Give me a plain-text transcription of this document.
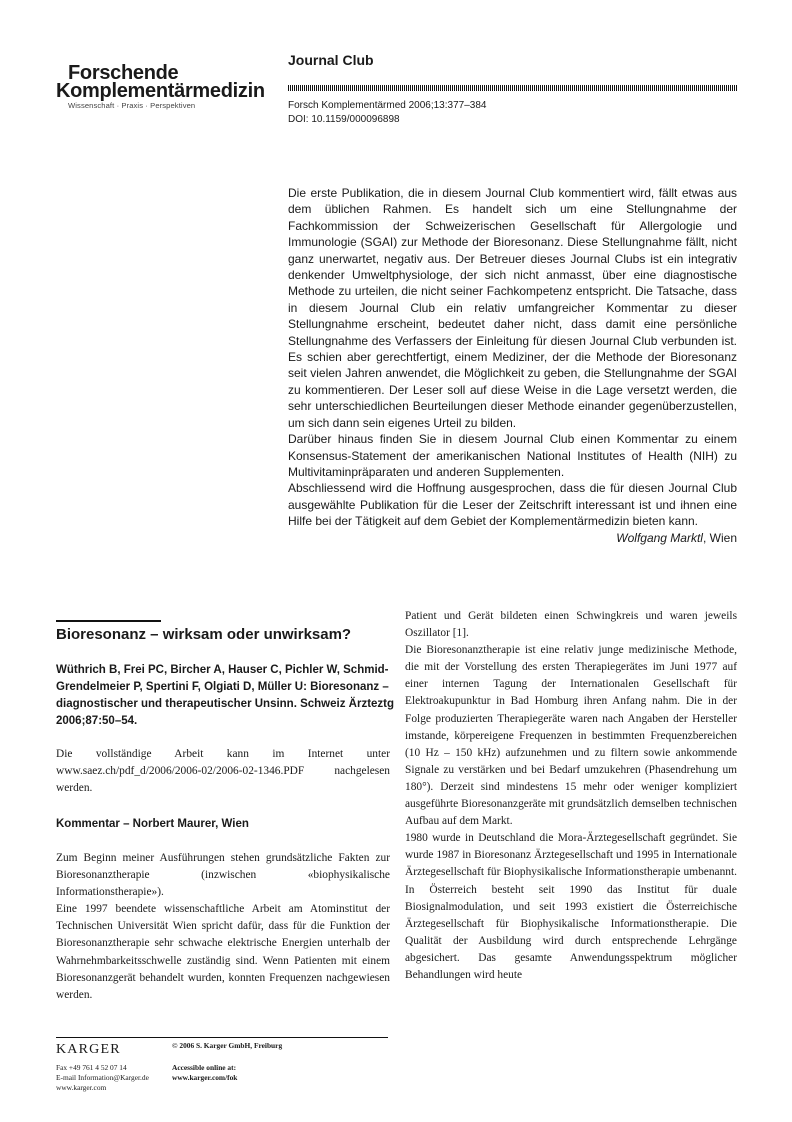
Forschende
Komplementärmedizin
Wissenschaft · Praxis · Perspektiven
Journal Club
Forsch Komplementärmed 2006;13:377–384
DOI: 10.1159/000096898

Die erste Publikation, die in diesem Journal Club kommentiert wird, fällt etwas aus dem üblichen Rahmen. Es handelt sich um eine Stellungnahme der Fachkommission der Schweizerischen Gesellschaft für Allergologie und Immunologie (SGAI) zur Methode der Bioresonanz. Diese Stellungnahme fällt, nicht ganz unerwartet, negativ aus. Der Betreuer dieses Journal Clubs ist ein integrativ denkender Umweltphysiologe, der sich nicht anmasst, über eine diagnostische Methode zu urteilen, die nicht seiner Fachkompetenz entspricht. Die Tatsache, dass in diesem Journal Club ein relativ umfangreicher Kommentar zu dieser Stellungnahme erscheint, bedeutet daher nicht, dass damit eine persönliche Stellungnahme des Verfassers der Einleitung für diesen Journal Club verbunden ist. Es schien aber gerechtfertigt, einem Mediziner, der die Methode der Bioresonanz seit vielen Jahren anwendet, die Möglichkeit zu geben, die Stellungnahme der SGAI zu kommentieren. Der Leser soll auf diese Weise in die Lage versetzt werden, die sehr unterschiedlichen Beurteilungen dieser Methode einander gegenüberzustellen, um sich dann sein eigenes Urteil zu bilden.

Darüber hinaus finden Sie in diesem Journal Club einen Kommentar zu einem Konsensus-Statement der amerikanischen National Institutes of Health (NIH) zu Multivitaminpräparaten und anderen Supplementen.

Abschliessend wird die Hoffnung ausgesprochen, dass die für diesen Journal Club ausgewählte Publikation für die Leser der Zeitschrift interessant ist und ihnen eine Hilfe bei der Tätigkeit auf dem Gebiet der Komplementärmedizin bieten kann.

Wolfgang Marktl, Wien

Bioresonanz – wirksam oder unwirksam?
Wüthrich B, Frei PC, Bircher A, Hauser C, Pichler W, Schmid-Grendelmeier P, Spertini F, Olgiati D, Müller U: Bioresonanz – diagnostischer und therapeutischer Unsinn. Schweiz Ärzteztg 2006;87:50–54.
Die vollständige Arbeit kann im Internet unter www.saez.ch/pdf_d/2006/2006-02/2006-02-1346.PDF nachgelesen werden.
Kommentar – Norbert Maurer, Wien

Zum Beginn meiner Ausführungen stehen grundsätzliche Fakten zur Bioresonanztherapie (inzwischen «biophysikalische Informationstherapie»).

Eine 1997 beendete wissenschaftliche Arbeit am Atominstitut der Technischen Universität Wien spricht dafür, dass für die Funktion der Bioresonanztherapie sehr schwache elektrische Energien unterhalb der Wahrnehmbarkeitsschwelle zuständig sind. Wenn Patienten mit einem Bioresonanzgerät behandelt wurden, konnten Frequenzen nachgewiesen werden.

Patient und Gerät bildeten einen Schwingkreis und waren jeweils Oszillator [1].

Die Bioresonanztherapie ist eine relativ junge medizinische Methode, die mit der Vorstellung des ersten Therapiegerätes im Juni 1977 auf einer internen Tagung der Internationalen Gesellschaft für Elektroakupunktur in Bad Homburg ihren Anfang nahm. Die in der Folge produzierten Therapiegeräte waren nach Angaben der Hersteller imstande, körpereigene Frequenzen in bestimmten Frequenzbereichen (10 Hz – 150 kHz) aufzunehmen und zu filtern sowie ankommende Signale zu verstärken und bei Bedarf umzukehren (Phasendrehung um 180°). Derzeit sind mindestens 15 mehr oder weniger kompliziert ausgeführte Bioresonanzgeräte mit grundsätzlich demselben technischen Aufbau auf dem Markt.

1980 wurde in Deutschland die Mora-Ärztegesellschaft gegründet. Sie wurde 1987 in Bioresonanz Ärztegesellschaft und 1995 in Internationale Ärztegesellschaft für Biophysikalische Informationstherapie umbenannt. In Österreich besteht seit 1990 das Institut für duale Biosignalmodulation, und seit 1993 existiert die Österreichische Ärztegesellschaft für Biophysikalische Informationstherapie. Die Qualität der Ausbildung wird durch entsprechende Lehrgänge abgesichert. Das gesamte Anwendungsspektrum möglicher Behandlungen wird heute

KARGER	© 2006 S. Karger GmbH, Freiburg
Fax +49 761 4 52 07 14
E-mail Information@Karger.de
www.karger.com
Accessible online at:
www.karger.com/fok
